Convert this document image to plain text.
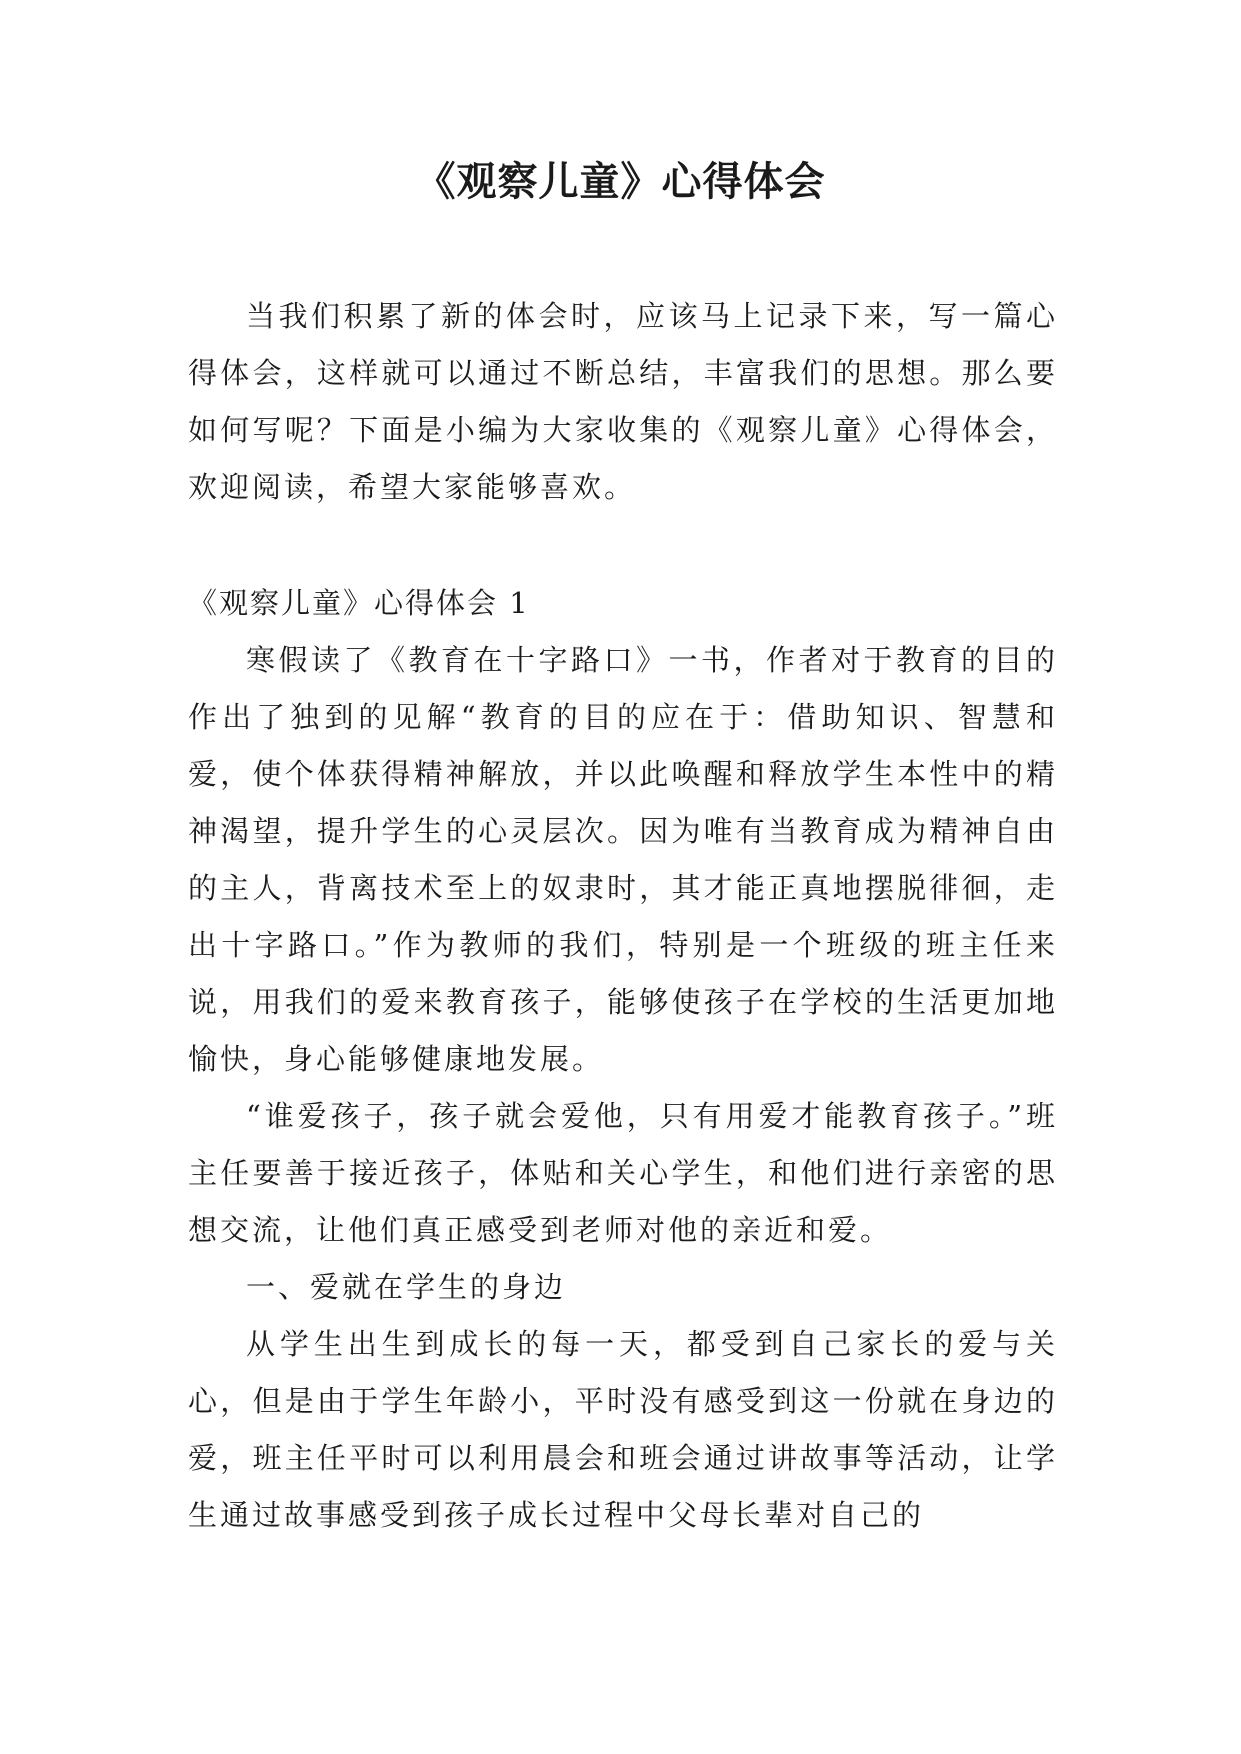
《观察儿童》心得体会

当我们积累了新的体会时，应该马上记录下来，写一篇心得体会，这样就可以通过不断总结，丰富我们的思想。那么要如何写呢？下面是小编为大家收集的《观察儿童》心得体会，欢迎阅读，希望大家能够喜欢。

《观察儿童》心得体会 1

寒假读了《教育在十字路口》一书，作者对于教育的目的作出了独到的见解“教育的目的应在于：借助知识、智慧和爱，使个体获得精神解放，并以此唤醒和释放学生本性中的精神渴望，提升学生的心灵层次。因为唯有当教育成为精神自由的主人，背离技术至上的奴隶时，其才能正真地摆脱徘徊，走出十字路口。”作为教师的我们，特别是一个班级的班主任来说，用我们的爱来教育孩子，能够使孩子在学校的生活更加地愉快，身心能够健康地发展。

“谁爱孩子，孩子就会爱他，只有用爱才能教育孩子。”班主任要善于接近孩子，体贴和关心学生，和他们进行亲密的思想交流，让他们真正感受到老师对他的亲近和爱。

一、爱就在学生的身边

从学生出生到成长的每一天，都受到自己家长的爱与关心，但是由于学生年龄小，平时没有感受到这一份就在身边的爱，班主任平时可以利用晨会和班会通过讲故事等活动，让学生通过故事感受到孩子成长过程中父母长辈对自己的
